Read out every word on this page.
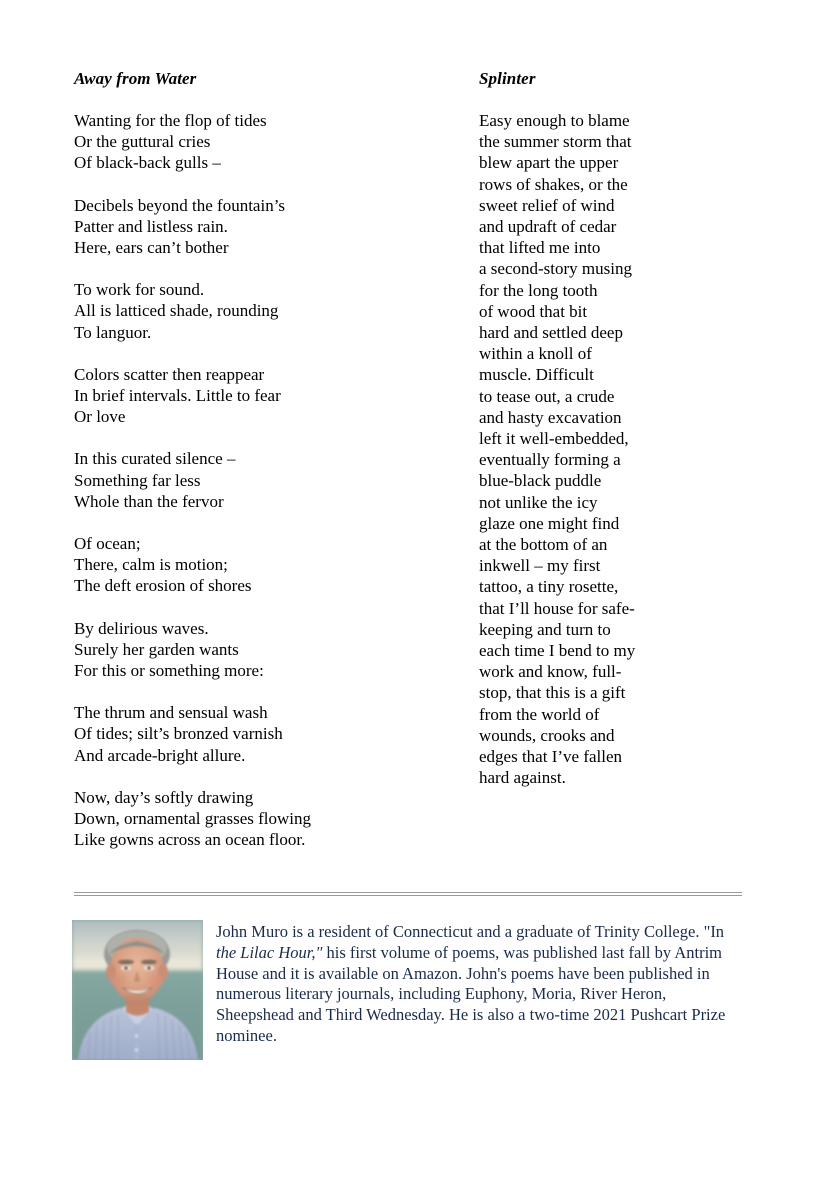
Away from Water
Wanting for the flop of tides
Or the guttural cries
Of black-back gulls –
Decibels beyond the fountain’s
Patter and listless rain.
Here, ears can’t bother
To work for sound.
All is latticed shade, rounding
To languor.
Colors scatter then reappear
In brief intervals. Little to fear
Or love
In this curated silence –
Something far less
Whole than the fervor
Of ocean;
There, calm is motion;
The deft erosion of shores
By delirious waves.
Surely her garden wants
For this or something more:
The thrum and sensual wash
Of tides; silt’s bronzed varnish
And arcade-bright allure.
Now, day’s softly drawing
Down, ornamental grasses flowing
Like gowns across an ocean floor.
Splinter
Easy enough to blame
the summer storm that
blew apart the upper
rows of shakes, or the
sweet relief of wind
and updraft of cedar
that lifted me into
a second-story musing
for the long tooth
of wood that bit
hard and settled deep
within a knoll of
muscle. Difficult
to tease out, a crude
and hasty excavation
left it well-embedded,
eventually forming a
blue-black puddle
not unlike the icy
glaze one might find
at the bottom of an
inkwell – my first
tattoo, a tiny rosette,
that I’ll house for safe-
keeping and turn to
each time I bend to my
work and know, full-
stop, that this is a gift
from the world of
wounds, crooks and
edges that I’ve fallen
hard against.
John Muro is a resident of Connecticut and a graduate of Trinity College. "In the Lilac Hour," his first volume of poems, was published last fall by Antrim House and it is available on Amazon. John's poems have been published in numerous literary journals, including Euphony, Moria, River Heron, Sheepshead and Third Wednesday. He is also a two-time 2021 Pushcart Prize nominee.
